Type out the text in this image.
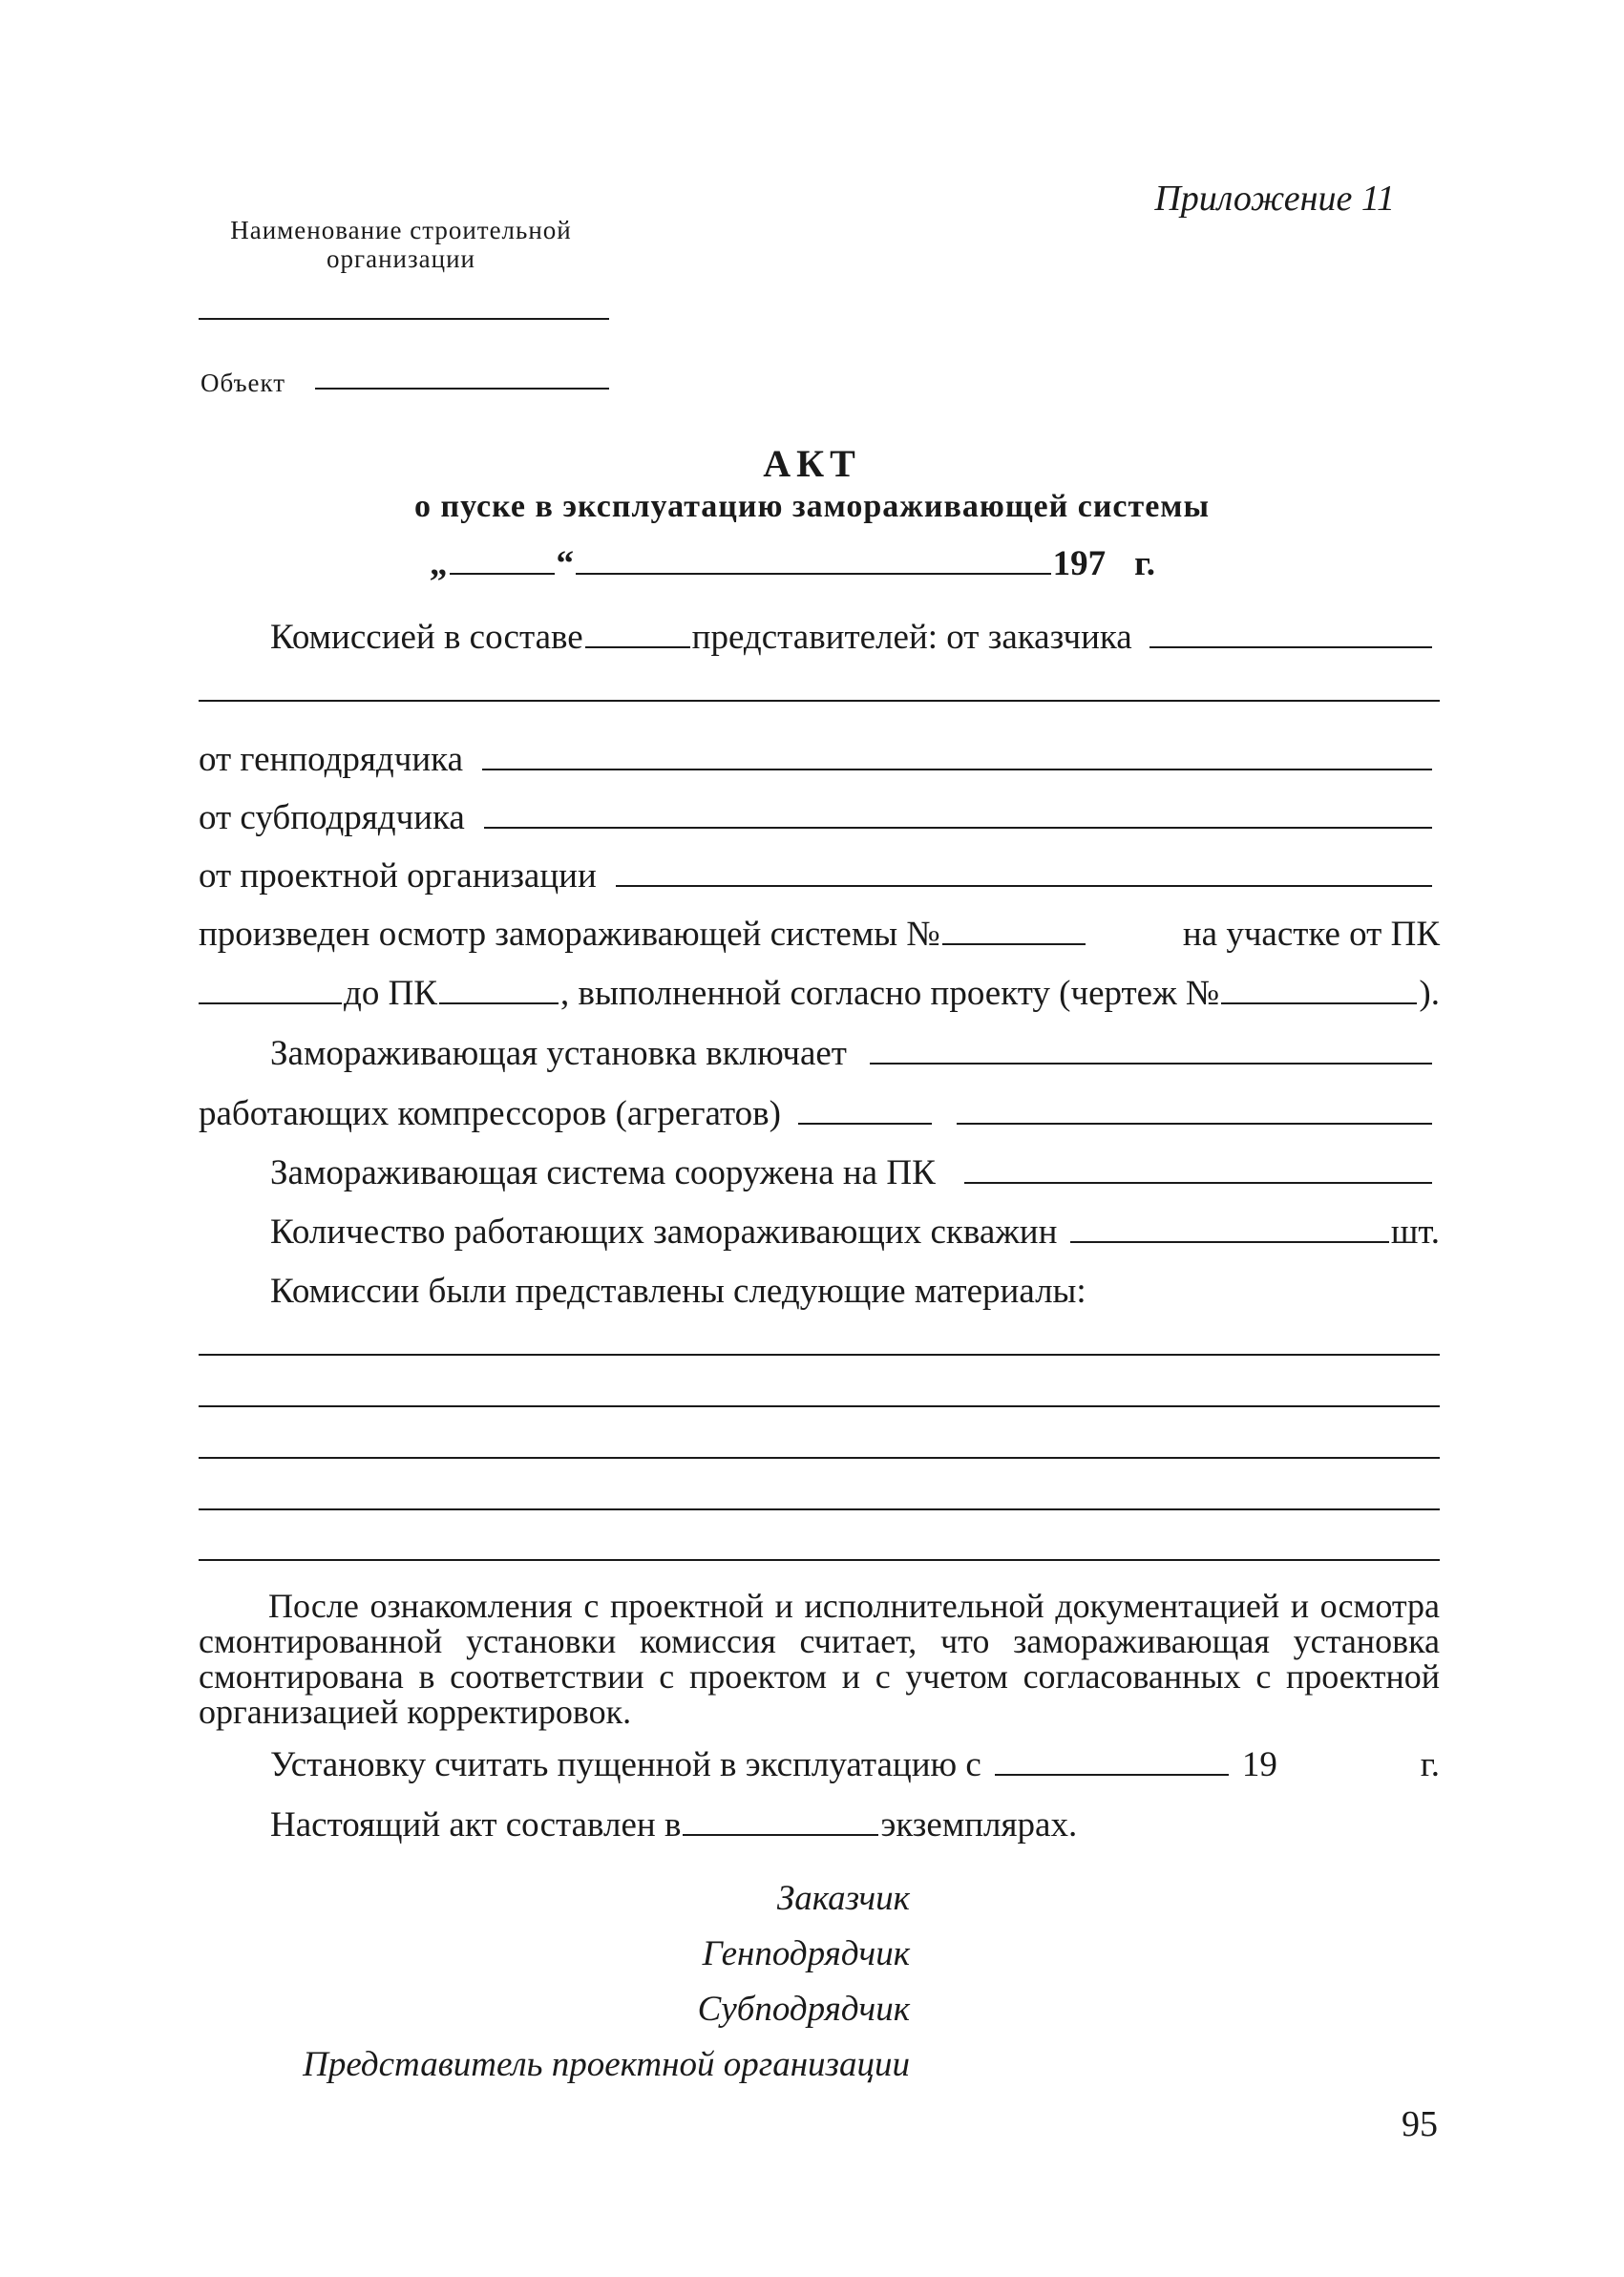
Приложение 11
Наименование строительной организации
Объект
АКТ
о пуске в эксплуатацию замораживающей системы
„	“	197 г.
Комиссией в составе	представителей: от заказчика
от генподрядчика
от субподрядчика
от проектной организации
произведен осмотр замораживающей системы №	на участке от ПК
до ПК	, выполненной согласно проекту (чертеж №	).
Замораживающая установка включает
работающих компрессоров (агрегатов)
Замораживающая система сооружена на ПК
Количество работающих замораживающих скважин	шт.
Комиссии были представлены следующие материалы:
После ознакомления с проектной и исполнительной документацией и осмотра смонтированной установки комиссия считает, что замораживающая установка смонтирована в соответствии с проектом и с учетом согласованных с проектной организацией корректировок.
Установку считать пущенной в эксплуатацию с	19	г.
Настоящий акт составлен в	экземплярах.
Заказчик
Генподрядчик
Субподрядчик
Представитель проектной организации
95
